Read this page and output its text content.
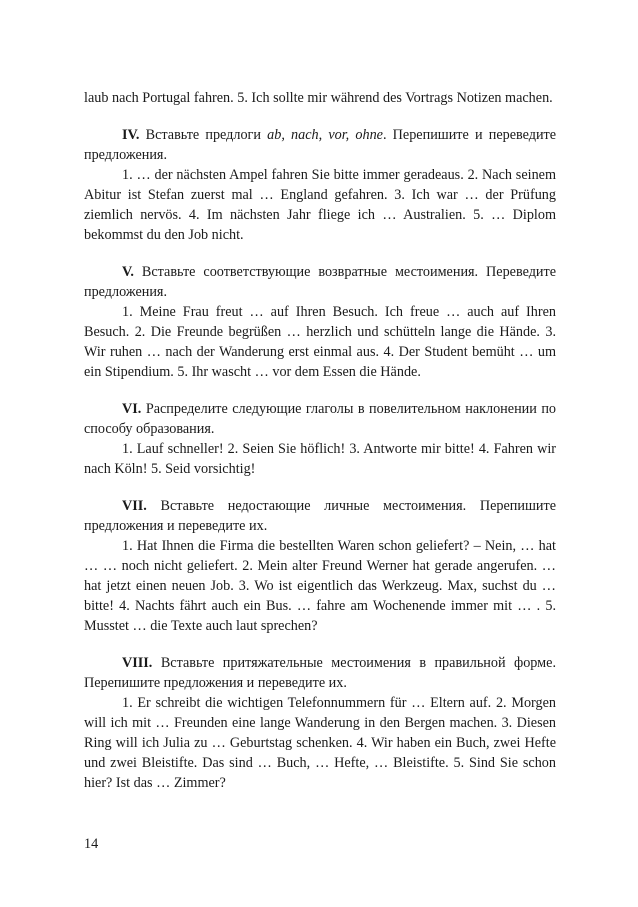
laub nach Portugal fahren. 5. Ich sollte mir während des Vortrags Notizen machen.

IV. Вставьте предлоги ab, nach, vor, ohne. Перепишите и переведите предложения.

1. … der nächsten Ampel fahren Sie bitte immer geradeaus. 2. Nach seinem Abitur ist Stefan zuerst mal … England gefahren. 3. Ich war … der Prüfung ziemlich nervös. 4. Im nächsten Jahr fliege ich … Australien. 5. … Diplom bekommst du den Job nicht.

V. Вставьте соответствующие возвратные местоимения. Переведите предложения.

1. Meine Frau freut … auf Ihren Besuch. Ich freue … auch auf Ihren Besuch. 2. Die Freunde begrüßen … herzlich und schütteln lange die Hände. 3. Wir ruhen … nach der Wanderung erst einmal aus. 4. Der Student bemüht … um ein Stipendium. 5. Ihr wascht … vor dem Essen die Hände.

VI. Распределите следующие глаголы в повелительном наклонении по способу образования.

1. Lauf schneller! 2. Seien Sie höflich! 3. Antworte mir bitte! 4. Fahren wir nach Köln! 5. Seid vorsichtig!

VII. Вставьте недостающие личные местоимения. Перепишите предложения и переведите их.

1. Hat Ihnen die Firma die bestellten Waren schon geliefert? – Nein, … hat … … noch nicht geliefert. 2. Mein alter Freund Werner hat gerade angerufen. … hat jetzt einen neuen Job. 3. Wo ist eigentlich das Werkzeug. Max, suchst du … bitte! 4. Nachts fährt auch ein Bus. … fahre am Wochenende immer mit … . 5. Musstet … die Texte auch laut sprechen?

VIII. Вставьте притяжательные местоимения в правильной форме. Перепишите предложения и переведите их.

1. Er schreibt die wichtigen Telefonnummern für … Eltern auf. 2. Morgen will ich mit … Freunden eine lange Wanderung in den Bergen machen. 3. Diesen Ring will ich Julia zu … Geburtstag schenken. 4. Wir haben ein Buch, zwei Hefte und zwei Bleistifte. Das sind … Buch, … Hefte, … Bleistifte. 5. Sind Sie schon hier? Ist das … Zimmer?

14
